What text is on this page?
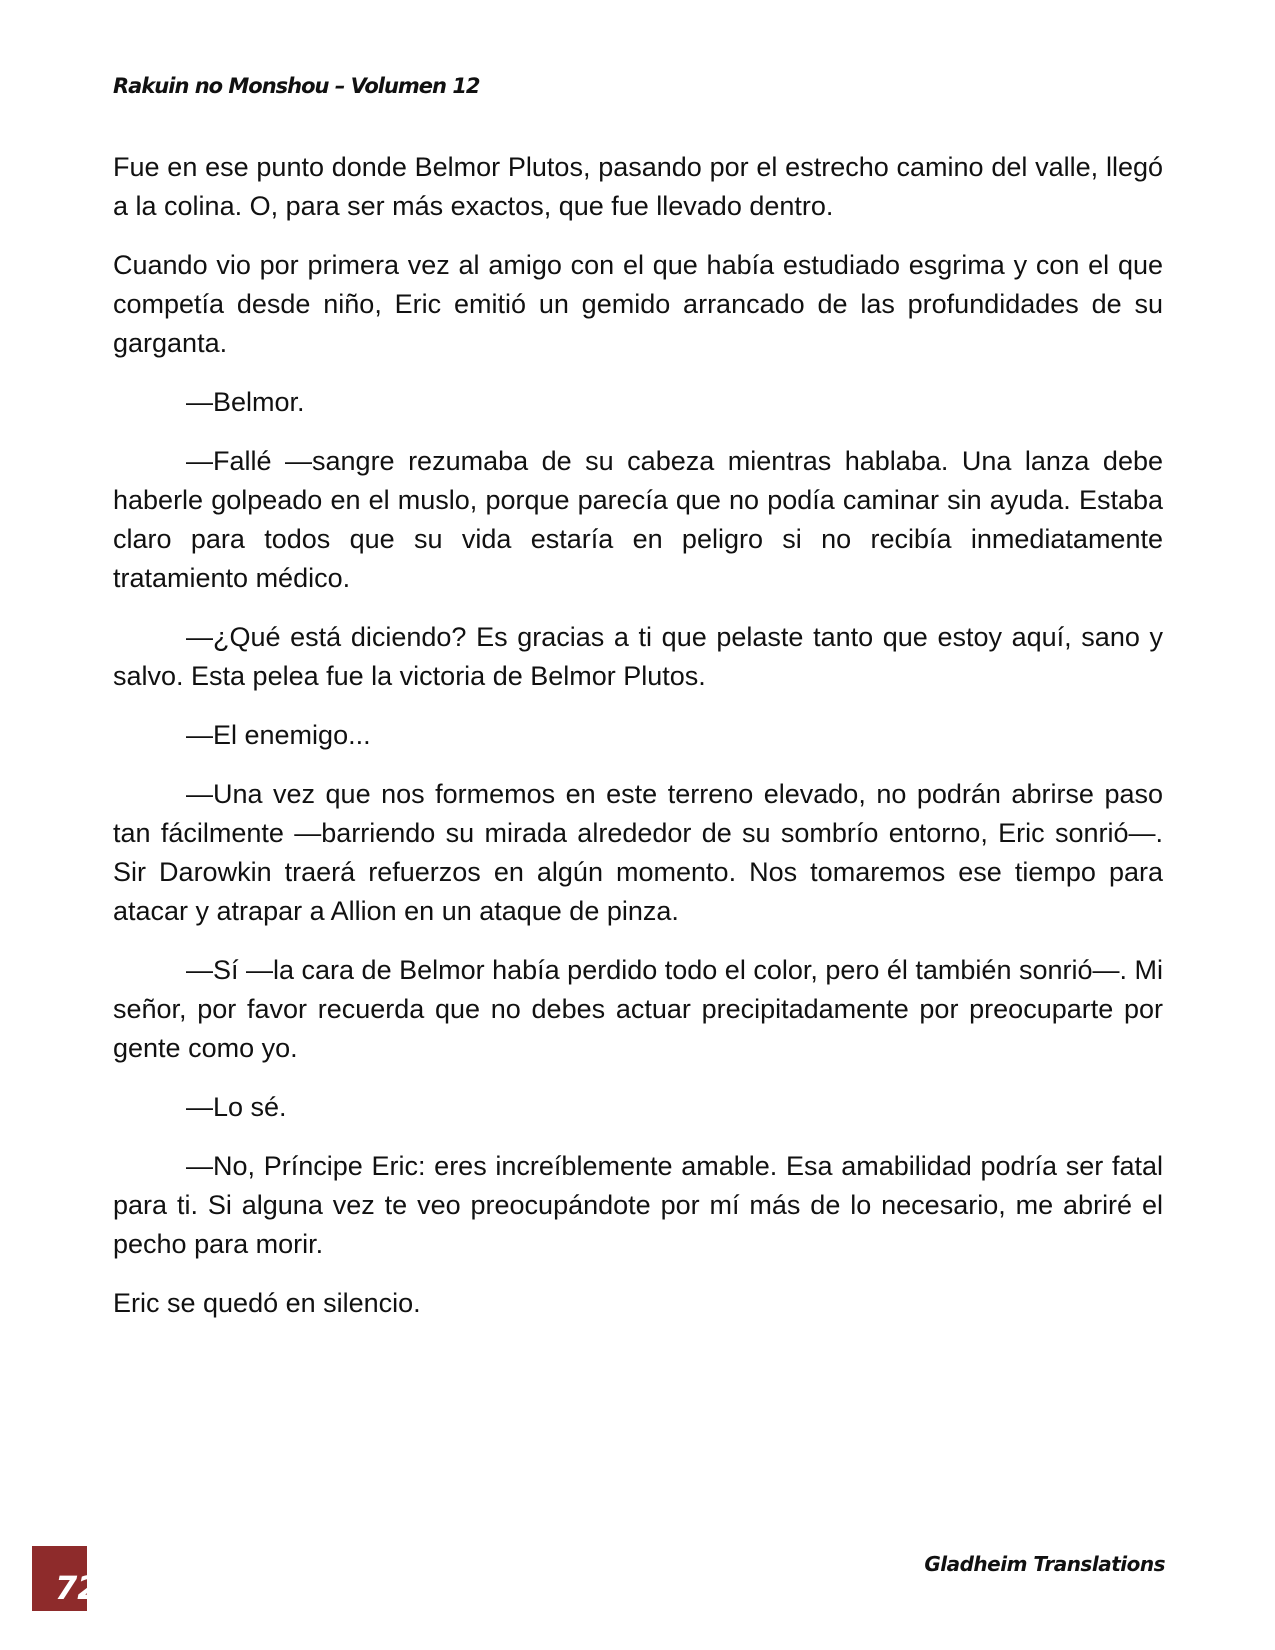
Rakuin no Monshou – Volumen 12

Fue en ese punto donde Belmor Plutos, pasando por el estrecho camino del valle, llegó a la colina. O, para ser más exactos, que fue llevado dentro.

Cuando vio por primera vez al amigo con el que había estudiado esgrima y con el que competía desde niño, Eric emitió un gemido arrancado de las profundidades de su garganta.

—Belmor.

—Fallé —sangre rezumaba de su cabeza mientras hablaba. Una lanza debe haberle golpeado en el muslo, porque parecía que no podía caminar sin ayuda. Estaba claro para todos que su vida estaría en peligro si no recibía inmediatamente tratamiento médico.

—¿Qué está diciendo? Es gracias a ti que pelaste tanto que estoy aquí, sano y salvo. Esta pelea fue la victoria de Belmor Plutos.

—El enemigo...

—Una vez que nos formemos en este terreno elevado, no podrán abrirse paso tan fácilmente —barriendo su mirada alrededor de su sombrío entorno, Eric sonrió—. Sir Darowkin traerá refuerzos en algún momento. Nos tomaremos ese tiempo para atacar y atrapar a Allion en un ataque de pinza.

—Sí —la cara de Belmor había perdido todo el color, pero él también sonrió—. Mi señor, por favor recuerda que no debes actuar precipitadamente por preocuparte por gente como yo.

—Lo sé.

—No, Príncipe Eric: eres increíblemente amable. Esa amabilidad podría ser fatal para ti. Si alguna vez te veo preocupándote por mí más de lo necesario, me abriré el pecho para morir.

Eric se quedó en silencio.

72
Gladheim Translations
